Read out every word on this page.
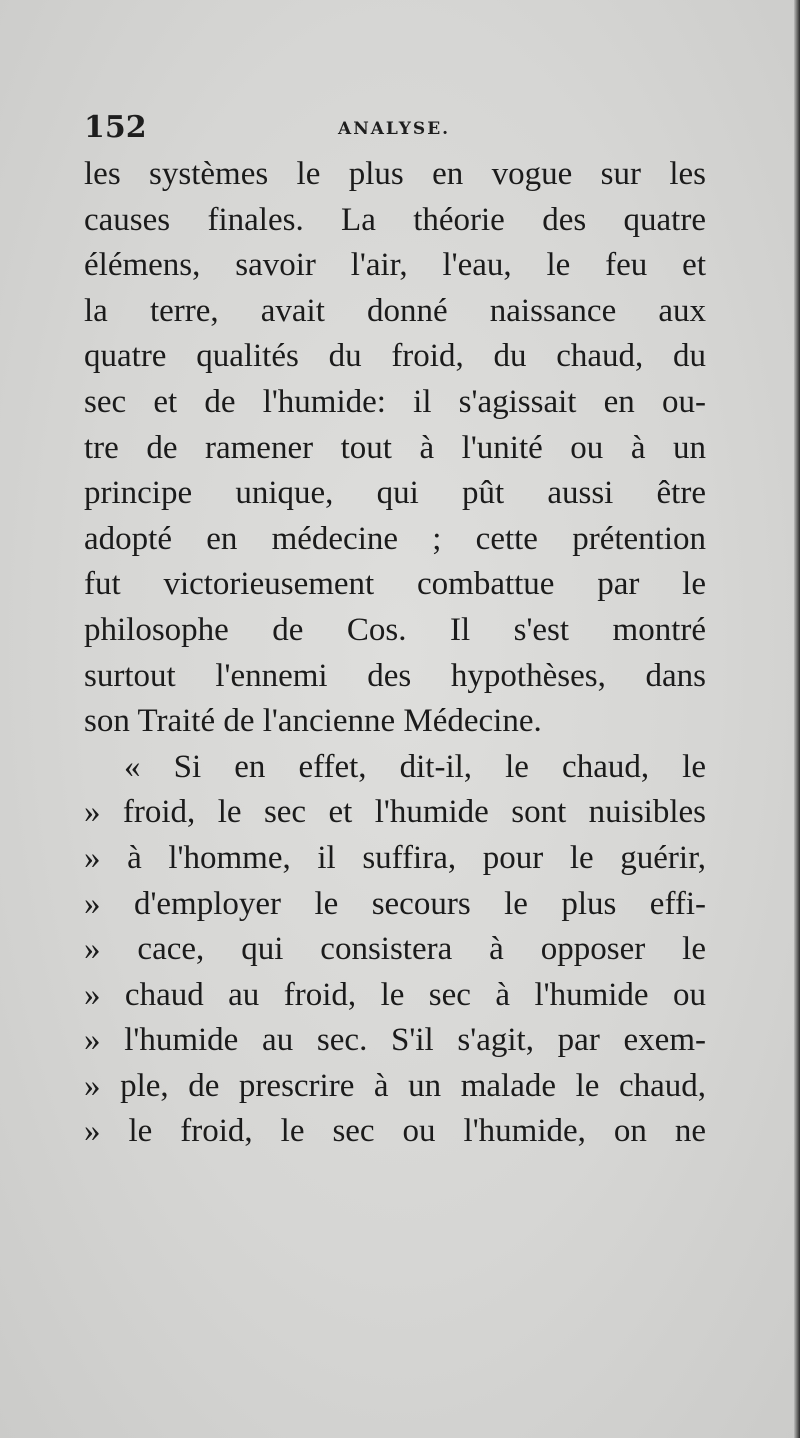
152	ANALYSE.
les systèmes le plus en vogue sur les
causes finales. La théorie des quatre
élémens, savoir l'air, l'eau, le feu et
la terre, avait donné naissance aux
quatre qualités du froid, du chaud, du
sec et de l'humide: il s'agissait en ou-
tre de ramener tout à l'unité ou à un
principe unique, qui pût aussi être
adopté en médecine ; cette prétention
fut victorieusement combattue par le
philosophe de Cos. Il s'est montré
surtout l'ennemi des hypothèses, dans
son Traité de l'ancienne Médecine.
« Si en effet, dit-il, le chaud, le
» froid, le sec et l'humide sont nuisibles
» à l'homme, il suffira, pour le guérir,
» d'employer le secours le plus effi-
» cace, qui consistera à opposer le
» chaud au froid, le sec à l'humide ou
» l'humide au sec. S'il s'agit, par exem-
» ple, de prescrire à un malade le chaud,
» le froid, le sec ou l'humide, on ne
